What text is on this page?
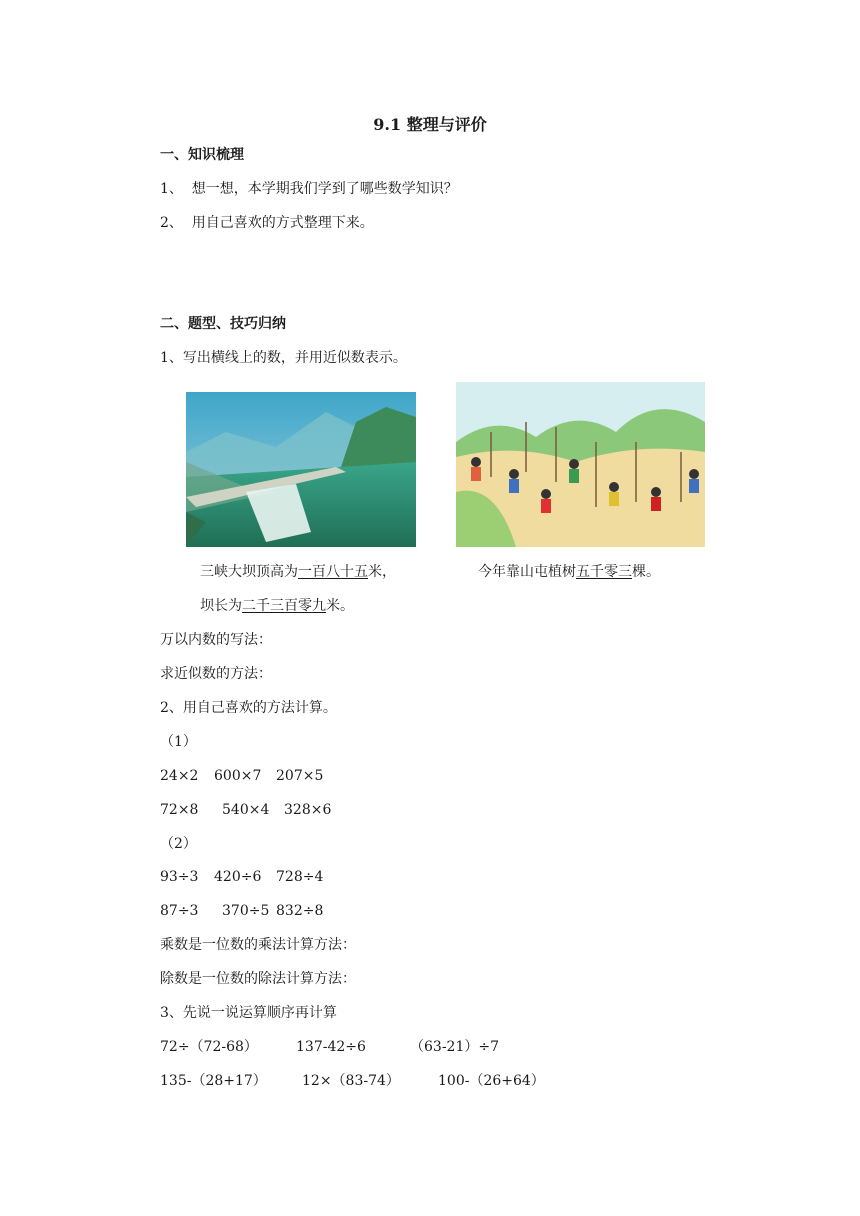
9.1 整理与评价
一、知识梳理
1、  想一想，本学期我们学到了哪些数学知识？
2、  用自己喜欢的方式整理下来。
二、题型、技巧归纳
1、写出横线上的数，并用近似数表示。
三峡大坝顶高为一百八十五米，	今年靠山屯植树五千零三棵。
坝长为二千三百零九米。
万以内数的写法：
求近似数的方法：
2、用自己喜欢的方法计算。
（1）
24×2 600×7 207×5
72×8 540×4 328×6
（2）
93÷3 420÷6 728÷4
87÷3 370÷5 832÷8
乘数是一位数的乘法计算方法：
除数是一位数的除法计算方法：
3、先说一说运算顺序再计算
72÷（72-68）	137-42÷6	（63-21）÷7
135-（28+17）	12×（83-74）	100-（26+64）
